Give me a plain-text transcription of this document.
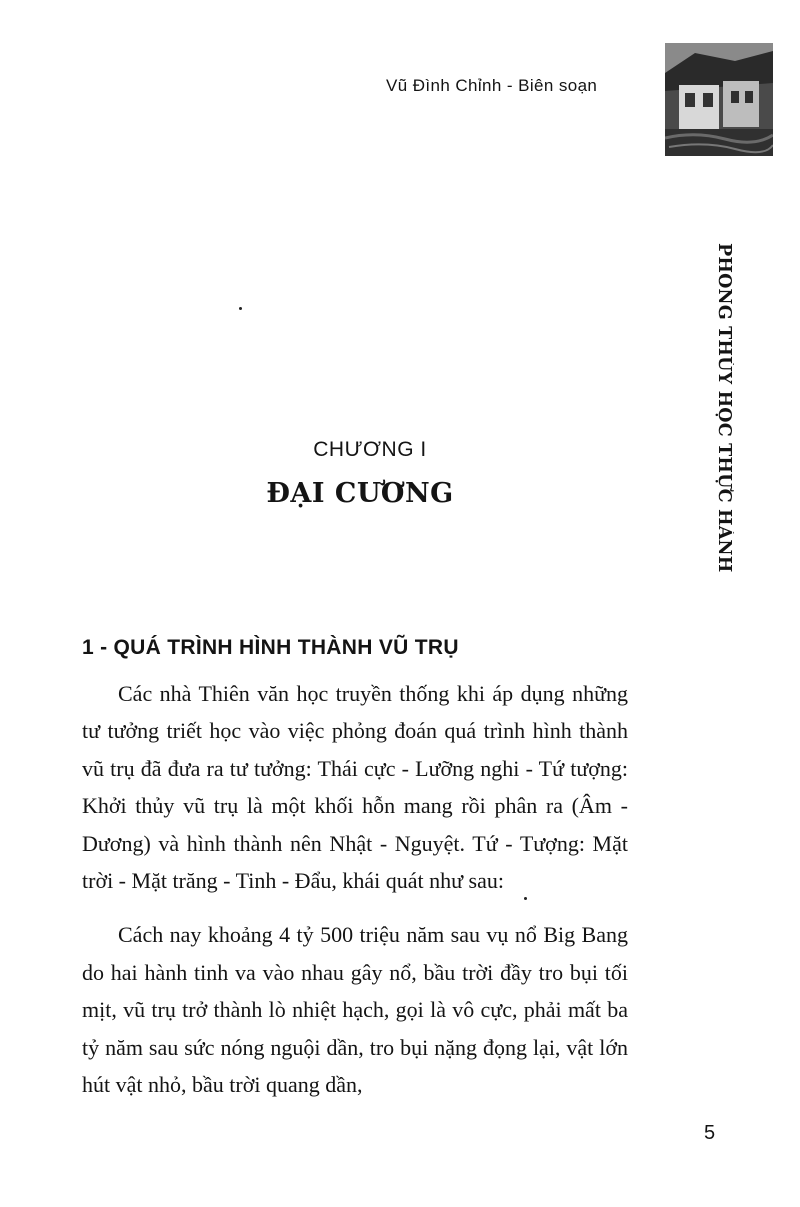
Vũ Đình Chỉnh - Biên soạn
PHONG THỦY HỌC THỰC HÀNH
CHƯƠNG I
ĐẠI CƯƠNG
1 - QUÁ TRÌNH HÌNH THÀNH VŨ TRỤ

Các nhà Thiên văn học truyền thống khi áp dụng những tư tưởng triết học vào việc phỏng đoán quá trình hình thành vũ trụ đã đưa ra tư tưởng: Thái cực - Lưỡng nghi - Tứ tượng: Khởi thủy vũ trụ là một khối hỗn mang rồi phân ra (Âm - Dương) và hình thành nên Nhật - Nguyệt. Tứ - Tượng: Mặt trời - Mặt trăng - Tinh - Đẩu, khái quát như sau:

Cách nay khoảng 4 tỷ 500 triệu năm sau vụ nổ Big Bang do hai hành tinh va vào nhau gây nổ, bầu trời đầy tro bụi tối mịt, vũ trụ trở thành lò nhiệt hạch, gọi là vô cực, phải mất ba tỷ năm sau sức nóng nguội dần, tro bụi nặng đọng lại, vật lớn hút vật nhỏ, bầu trời quang dần,

5
